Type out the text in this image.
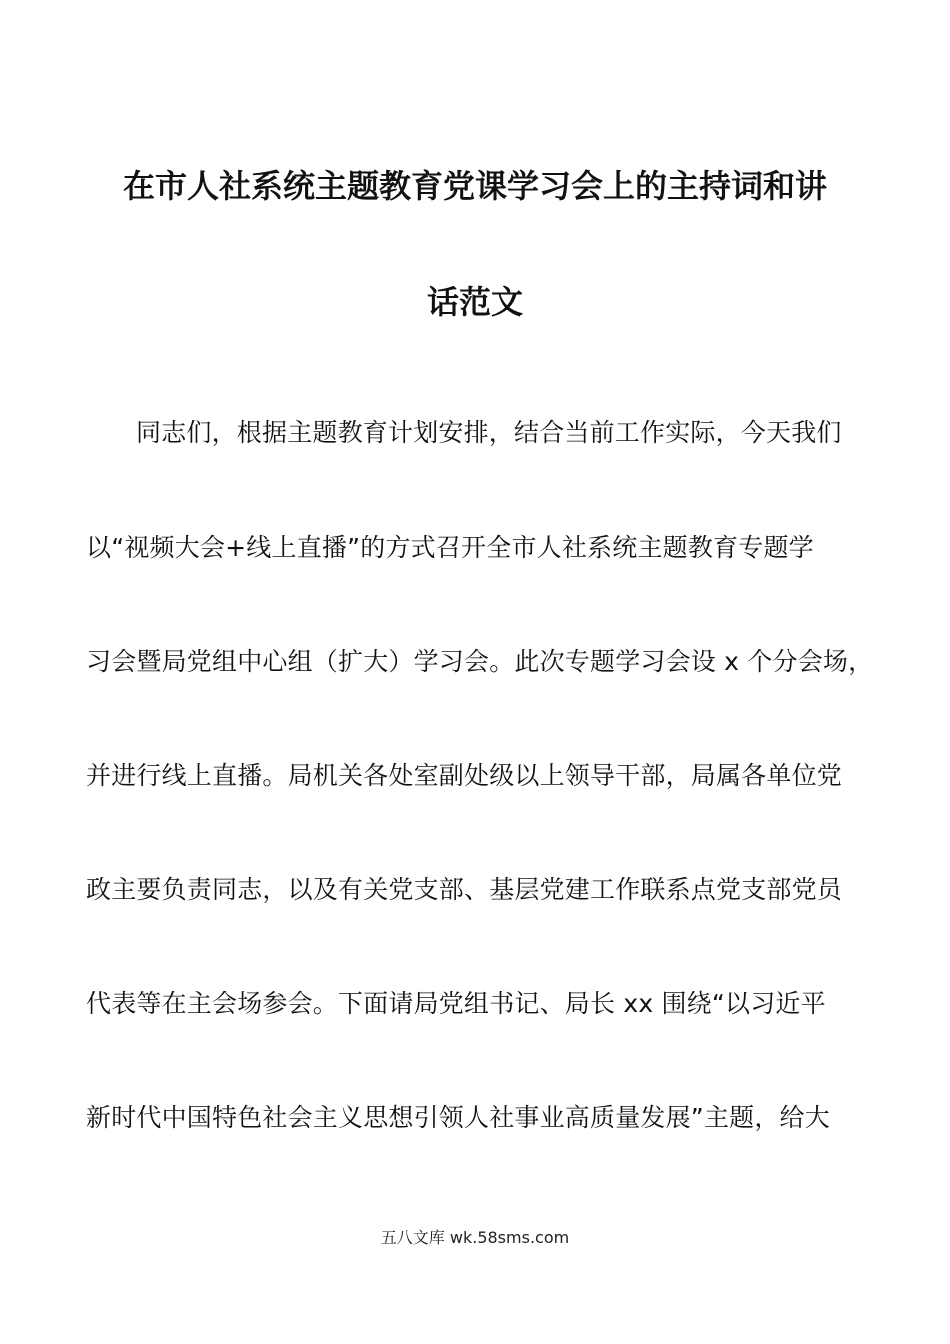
在市人社系统主题教育党课学习会上的主持词和讲
话范文
同志们，根据主题教育计划安排，结合当前工作实际，今天我们
以“视频大会+线上直播”的方式召开全市人社系统主题教育专题学
习会暨局党组中心组（扩大）学习会。此次专题学习会设 x 个分会场，
并进行线上直播。局机关各处室副处级以上领导干部，局属各单位党
政主要负责同志，以及有关党支部、基层党建工作联系点党支部党员
代表等在主会场参会。下面请局党组书记、局长 xx 围绕“以习近平
新时代中国特色社会主义思想引领人社事业高质量发展”主题，给大
五八文库 wk.58sms.com
